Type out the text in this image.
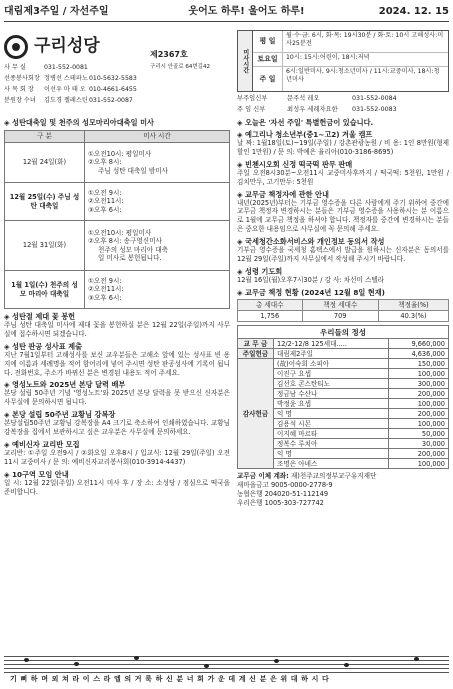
대림제3주일 / 자선주일	웃어도 하루! 울어도 하루!	2024. 12. 15
구리성당	제2367호
구리시 안골로 64번길42
사 무 실	031-552-0081
선종봉사회장 정병선 스테파노 010-5632-5583
사 목 회 장	이선우 마 태 오 010-4661-6455
분원장 수녀	김도경 젤레스틴 031-552-0087
미사시간
평 일
월·수·금: 6시, 화·목: 19시30분 / 화·토: 10시 고해성사:미사25분전
토요일	10시: 15시:어린이, 18시:저녁
주 일
6시:일반미사, 9시:청소년미사 / 11시:교중미사, 18시:청년미사
부주임신부	문주석 레오	031-552-0084
주 임 신부	최성우 세례자요한	031-552-0083
◈ 성탄대축일 및 천주의 성모마리아대축일 미사
구 분	미사 시간
12월 24일(화)	①오전10시: 평일미사
②오후 8시:
주님 성탄 대축일 밤미사

12월 25일(수) 주님 성탄 대축일	①오전 9시:
②오전11시:
③오후 6시:

12월 31일(화)	①오전10시: 평일미사
②오후 8시: 송구영신미사
천주의 성모 마리아 대축
일 미사로 봉헌됩니다.

1월 1일(수) 천주의 성모 마리아 대축일	①오전 9시:
②오전11시:
③오후 6시:
◈ 성탄절 제대 꽃 봉헌
주님 성탄 대축일 미사에 제대 꽃을 봉헌하실 분은 12월 22일(주일)까지 사무실에 접수하시면 되겠습니다.
◈ 성탄 판공 성사표 제출
지난 7월1일부터 고해성사를 보신 교우분들은 고해소 앞에 있는 성사표 빈 용지에 이름과 세례명을 적어 함어리에 넣어 주시면 성탄 판공성사에 기록이 됩니다. 전화번호, 주소가 바뀌신 분은 변경된 내용도 적어 주세요.
◈ 영성노트와 2025년 본당 달력 배부
본당 설립 50주년 기념 '영성노트'와 2025년 본당 달력을 못 받으신 신자분은 사무실에 문의하시면 됩니다.
◈ 본당 설립 50주년 교황님 강복장
본당설립50주년 교황님 강복장을 A4 크기로 축소하여 인쇄하였습니다. 교황님 강복장을 집에서 보관하시고 싶은 교우분은 사무실에 문의하세요.
◈ 예비신자 교리반 모집
교리반: ①주일 오전9시 / ②화요일 오후8시 / 입교식: 12월 29일(주일) 오전11시 교중미사 / 문 의: 예비신자교리봉사회(010-3914-4437)
◈ 10구역 모임 안내
일 시: 12월 22일(주일) 오전11시 미사 후 / 장 소: 소성당 / 점심으로 떡국을 준비합니다.
◈ 오늘은 '자선 주일' 특별헌금이 있습니다.
◈ 예그리나 청소년부(중1~고2) 겨울 캠프
날 짜: 1월18일(토)~19일(주일) / 강촌관광농원 / 비 용: 1인 8만원(형제할인 1만원) / 문 의: 박예은 율리아(010-3186-8695)
◈ 빈첸시오회 신정 떡국떡 판무 판매
주일 오전8시30분~오전11시 교중미사후까지 / 떡국떡: 5천원, 1만원 / 김치만두, 고기만두: 5천원
◈ 교무금 책정자에 관한 안내
내년(2025년)부터는 기부금 영수증을 다른 사람에게 주기 위하여 중간에 교무금 책정자 변경하시는 분들은 기부금 영수증을 사용하시는 분 이름으로 1월에 교무금 책정을 하셔야 합니다. 책정자를 중간에 변경하시는 분들은 중요한 내용임으로 사무실에 꼭 문의해 주세요.
◈ 국세청간소화서비스와 개인정보 동의서 작성
기부금 영수증을 국세청 홈택스에서 발급을 원하시는 신자분은 동의서를 12월 29일(주일)까지 사무실에서 작성해 주시기 바랍니다.
◈ 성령 기도회
12월 16일(월)오후7시30분 / 강 사: 차선미 스텔라
◈ 교무금 책정 현황 (2024년 12월 8일 현재)
총 세대수	책정 세대수	책정율(%)
1,756	709	40.3(%)
우리들의 정성		
교 무 금	12/2-12/8 125세대.....	9,660,000
주일헌금	대림제2주일	4,636,000
감사헌금	(故)이숙희 소피아	150,000
	이진구 요셉	100,000
	김선호 콘스탄티노	300,000
	정금남 수산나	200,000
	박정윤 요셉	100,000
	익 명	200,000
	김용석 시몬	100,000
	이지혜 마르타	50,000
	정복수 루치아	30,000
	익 명	200,000
	조명은 아녜스	100,000
교무금 이체 계좌: 재)천주교의정부교구유지재단
새마을금고 9005-0000-2778-9
농협은행 204020-51-112149
우리은행 1005-303-727742
기 뻐 하 며 외 쳐 라 이 스 라 엘 의 거 룩 하 신 분 너 희 가 운 데 계 신 분 은 위 대 하 시 다
